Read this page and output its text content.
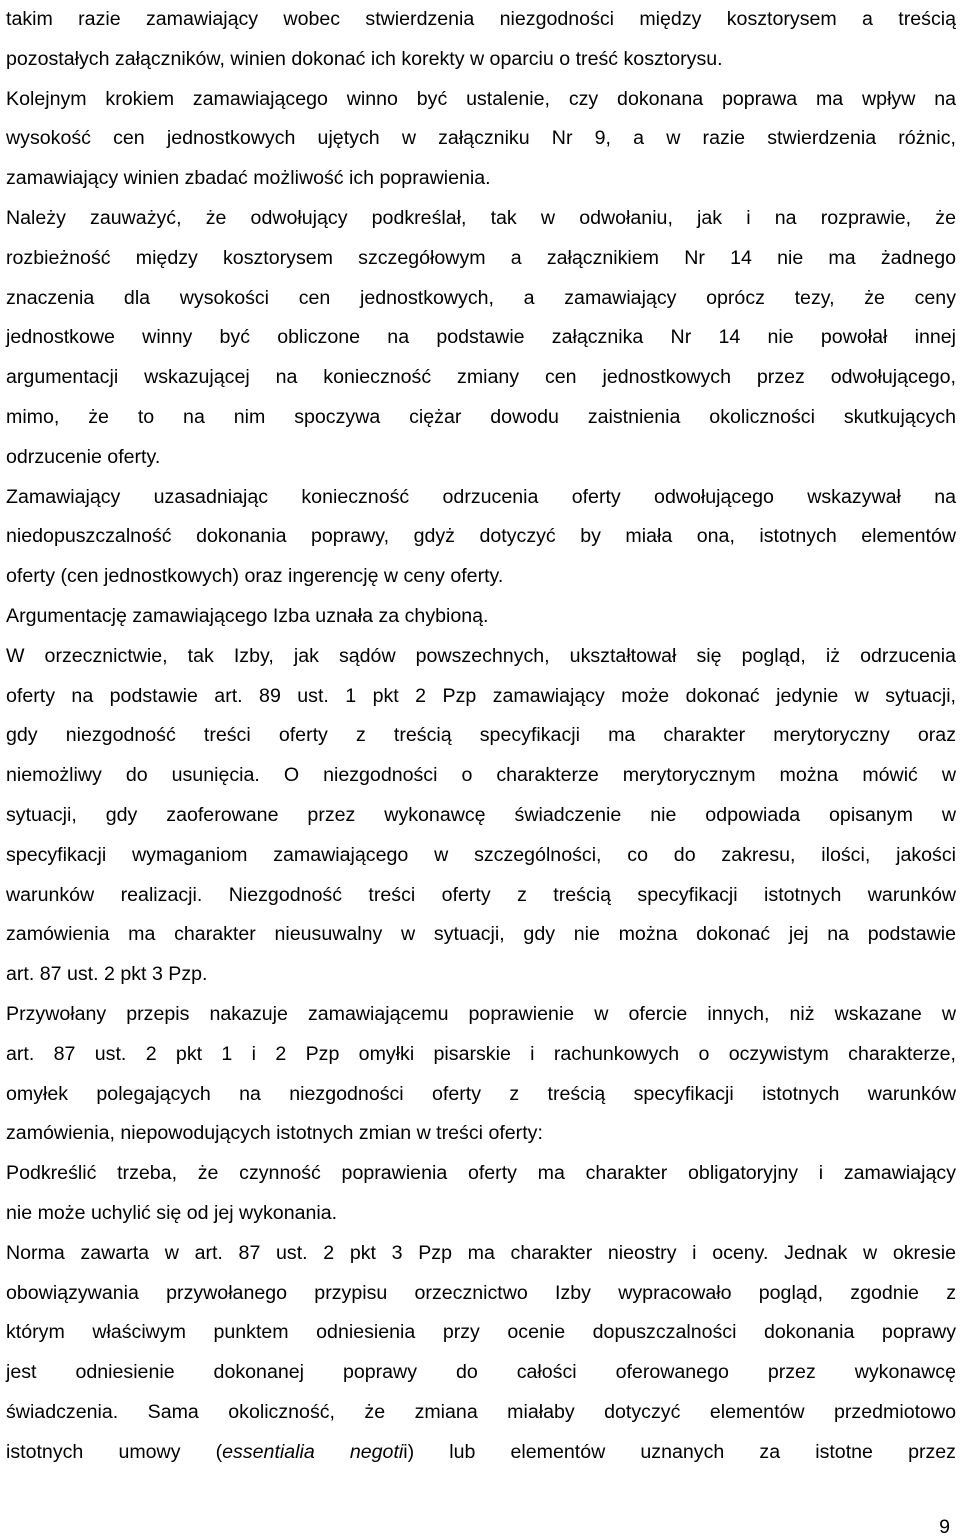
takim razie zamawiający wobec stwierdzenia niezgodności między kosztorysem a treścią
pozostałych załączników, winien dokonać ich korekty w oparciu o treść kosztorysu.
Kolejnym krokiem zamawiającego winno być ustalenie, czy dokonana poprawa ma wpływ na
wysokość cen jednostkowych ujętych w załączniku Nr 9, a w razie stwierdzenia różnic,
zamawiający winien zbadać możliwość ich poprawienia.
Należy zauważyć, że odwołujący podkreślał, tak w odwołaniu, jak i na rozprawie, że
rozbieżność między kosztorysem szczegółowym a załącznikiem Nr 14 nie ma żadnego
znaczenia dla wysokości cen jednostkowych, a zamawiający oprócz tezy, że ceny
jednostkowe winny być obliczone na podstawie załącznika Nr 14 nie powołał innej
argumentacji wskazującej na konieczność zmiany cen jednostkowych przez odwołującego,
mimo, że to na nim spoczywa ciężar dowodu zaistnienia okoliczności skutkujących
odrzucenie oferty.
Zamawiający uzasadniając konieczność odrzucenia oferty odwołującego wskazywał na
niedopuszczalność dokonania poprawy, gdyż dotyczyć by miała ona, istotnych elementów
oferty (cen jednostkowych) oraz ingerencję w ceny oferty.
Argumentację zamawiającego Izba uznała za chybioną.
W orzecznictwie, tak Izby, jak sądów powszechnych, ukształtował się pogląd, iż odrzucenia
oferty na podstawie art. 89 ust. 1 pkt 2 Pzp zamawiający może dokonać jedynie w sytuacji,
gdy niezgodność treści oferty z treścią specyfikacji ma charakter merytoryczny oraz
niemożliwy do usunięcia. O niezgodności o charakterze merytorycznym można mówić w
sytuacji, gdy zaoferowane przez wykonawcę świadczenie nie odpowiada opisanym w
specyfikacji wymaganiom zamawiającego w szczególności, co do zakresu, ilości, jakości
warunków realizacji. Niezgodność treści oferty z treścią specyfikacji istotnych warunków
zamówienia ma charakter nieusuwalny w sytuacji, gdy nie można dokonać jej na podstawie
art. 87 ust. 2 pkt 3 Pzp.
Przywołany przepis nakazuje zamawiającemu poprawienie w ofercie innych, niż wskazane w
art. 87 ust. 2 pkt 1 i 2 Pzp omyłki pisarskie i rachunkowych o oczywistym charakterze,
omyłek polegających na niezgodności oferty z treścią specyfikacji istotnych warunków
zamówienia, niepowodujących istotnych zmian w treści oferty:
Podkreślić trzeba, że czynność poprawienia oferty ma charakter obligatoryjny i zamawiający
nie może uchylić się od jej wykonania.
Norma zawarta w art. 87 ust. 2 pkt 3 Pzp ma charakter nieostry i oceny. Jednak w okresie
obowiązywania przywołanego przypisu orzecznictwo Izby wypracowało pogląd, zgodnie z
którym właściwym punktem odniesienia przy ocenie dopuszczalności dokonania poprawy
jest odniesienie dokonanej poprawy do całości oferowanego przez wykonawcę
świadczenia. Sama okoliczność, że zmiana miałaby dotyczyć elementów przedmiotowo
istotnych umowy (essentialia negotii) lub elementów uznanych za istotne przez
9
